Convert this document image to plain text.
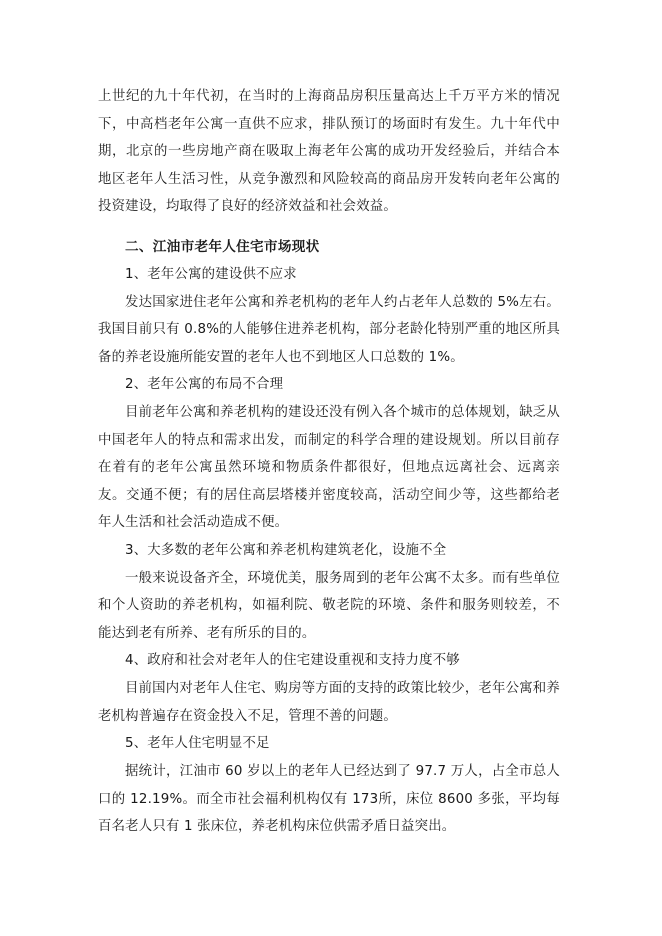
上世纪的九十年代初，在当时的上海商品房积压量高达上千万平方米的情况下，中高档老年公寓一直供不应求，排队预订的场面时有发生。九十年代中期，北京的一些房地产商在吸取上海老年公寓的成功开发经验后，并结合本地区老年人生活习性，从竞争激烈和风险较高的商品房开发转向老年公寓的投资建设，均取得了良好的经济效益和社会效益。

二、江油市老年人住宅市场现状

1、老年公寓的建设供不应求

发达国家进住老年公寓和养老机构的老年人约占老年人总数的 5%左右。我国目前只有 0.8%的人能够住进养老机构，部分老龄化特别严重的地区所具备的养老设施所能安置的老年人也不到地区人口总数的 1%。

2、老年公寓的布局不合理

目前老年公寓和养老机构的建设还没有例入各个城市的总体规划，缺乏从中国老年人的特点和需求出发，而制定的科学合理的建设规划。所以目前存在着有的老年公寓虽然环境和物质条件都很好，但地点远离社会、远离亲友。交通不便；有的居住高层塔楼并密度较高，活动空间少等，这些都给老年人生活和社会活动造成不便。

3、大多数的老年公寓和养老机构建筑老化，设施不全

一般来说设备齐全，环境优美，服务周到的老年公寓不太多。而有些单位和个人资助的养老机构，如福利院、敬老院的环境、条件和服务则较差，不能达到老有所养、老有所乐的目的。

4、政府和社会对老年人的住宅建设重视和支持力度不够

目前国内对老年人住宅、购房等方面的支持的政策比较少，老年公寓和养老机构普遍存在资金投入不足，管理不善的问题。

5、老年人住宅明显不足

据统计，江油市 60 岁以上的老年人已经达到了 97.7 万人，占全市总人口的 12.19%。而全市社会福利机构仅有 173所，床位 8600 多张，平均每百名老人只有 1 张床位，养老机构床位供需矛盾日益突出。
